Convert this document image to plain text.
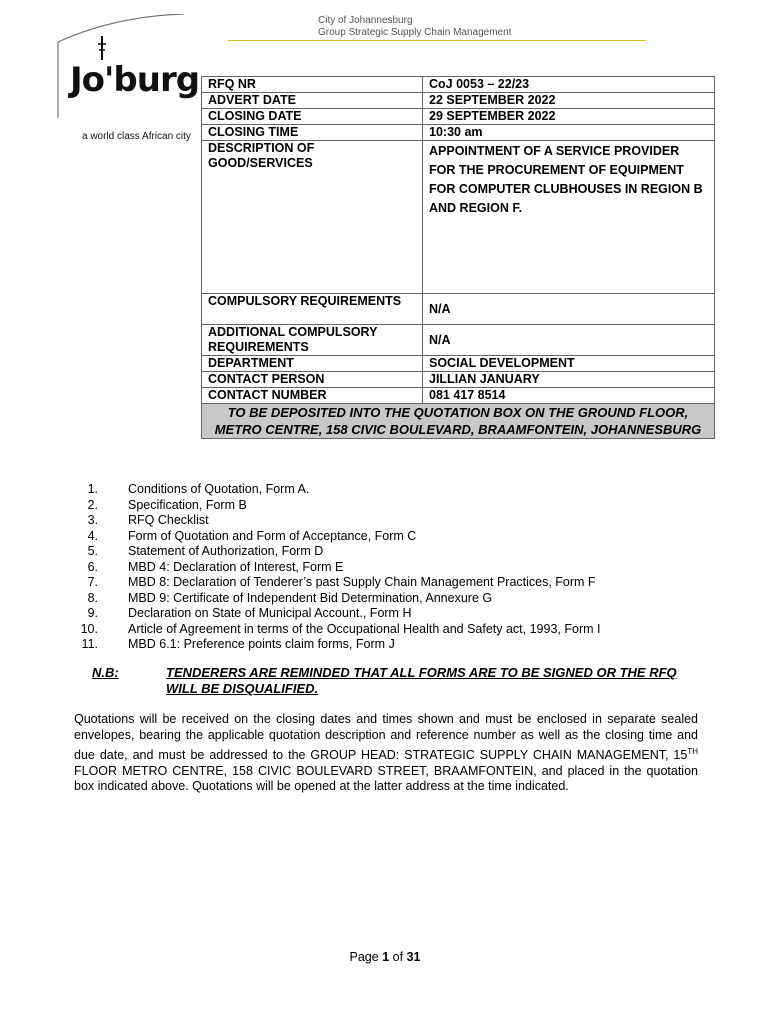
City of Johannesburg
Group Strategic Supply Chain Management
Jo'burg
a world class African city
RFQ NR	CoJ 0053 – 22/23
ADVERT DATE	22 SEPTEMBER 2022
CLOSING DATE	29 SEPTEMBER 2022
CLOSING TIME	10:30 am
DESCRIPTION OF GOOD/SERVICES	APPOINTMENT OF A SERVICE PROVIDER FOR THE PROCUREMENT OF EQUIPMENT FOR COMPUTER CLUBHOUSES IN REGION B AND REGION F.
COMPULSORY REQUIREMENTS	N/A
ADDITIONAL COMPULSORY REQUIREMENTS	N/A
DEPARTMENT	SOCIAL DEVELOPMENT
CONTACT PERSON	JILLIAN JANUARY
CONTACT NUMBER	081 417 8514
TO BE DEPOSITED INTO THE QUOTATION BOX ON THE GROUND FLOOR, METRO CENTRE, 158 CIVIC BOULEVARD, BRAAMFONTEIN, JOHANNESBURG	
1. Conditions of Quotation, Form A.
2. Specification, Form B
3. RFQ Checklist
4. Form of Quotation and Form of Acceptance, Form C
5. Statement of Authorization, Form D
6. MBD 4: Declaration of Interest, Form E
7. MBD 8: Declaration of Tenderer’s past Supply Chain Management Practices, Form F
8. MBD 9: Certificate of Independent Bid Determination, Annexure G
9. Declaration on State of Municipal Account., Form H
10. Article of Agreement in terms of the Occupational Health and Safety act, 1993, Form I
11. MBD 6.1: Preference points claim forms, Form J
N.B:	TENDERERS ARE REMINDED THAT ALL FORMS ARE TO BE SIGNED OR THE RFQ WILL BE DISQUALIFIED.
Quotations will be received on the closing dates and times shown and must be enclosed in separate sealed envelopes, bearing the applicable quotation description and reference number as well as the closing time and due date, and must be addressed to the GROUP HEAD: STRATEGIC SUPPLY CHAIN MANAGEMENT, 15TH FLOOR METRO CENTRE, 158 CIVIC BOULEVARD STREET, BRAAMFONTEIN, and placed in the quotation box indicated above. Quotations will be opened at the latter address at the time indicated.
Page 1 of 31
